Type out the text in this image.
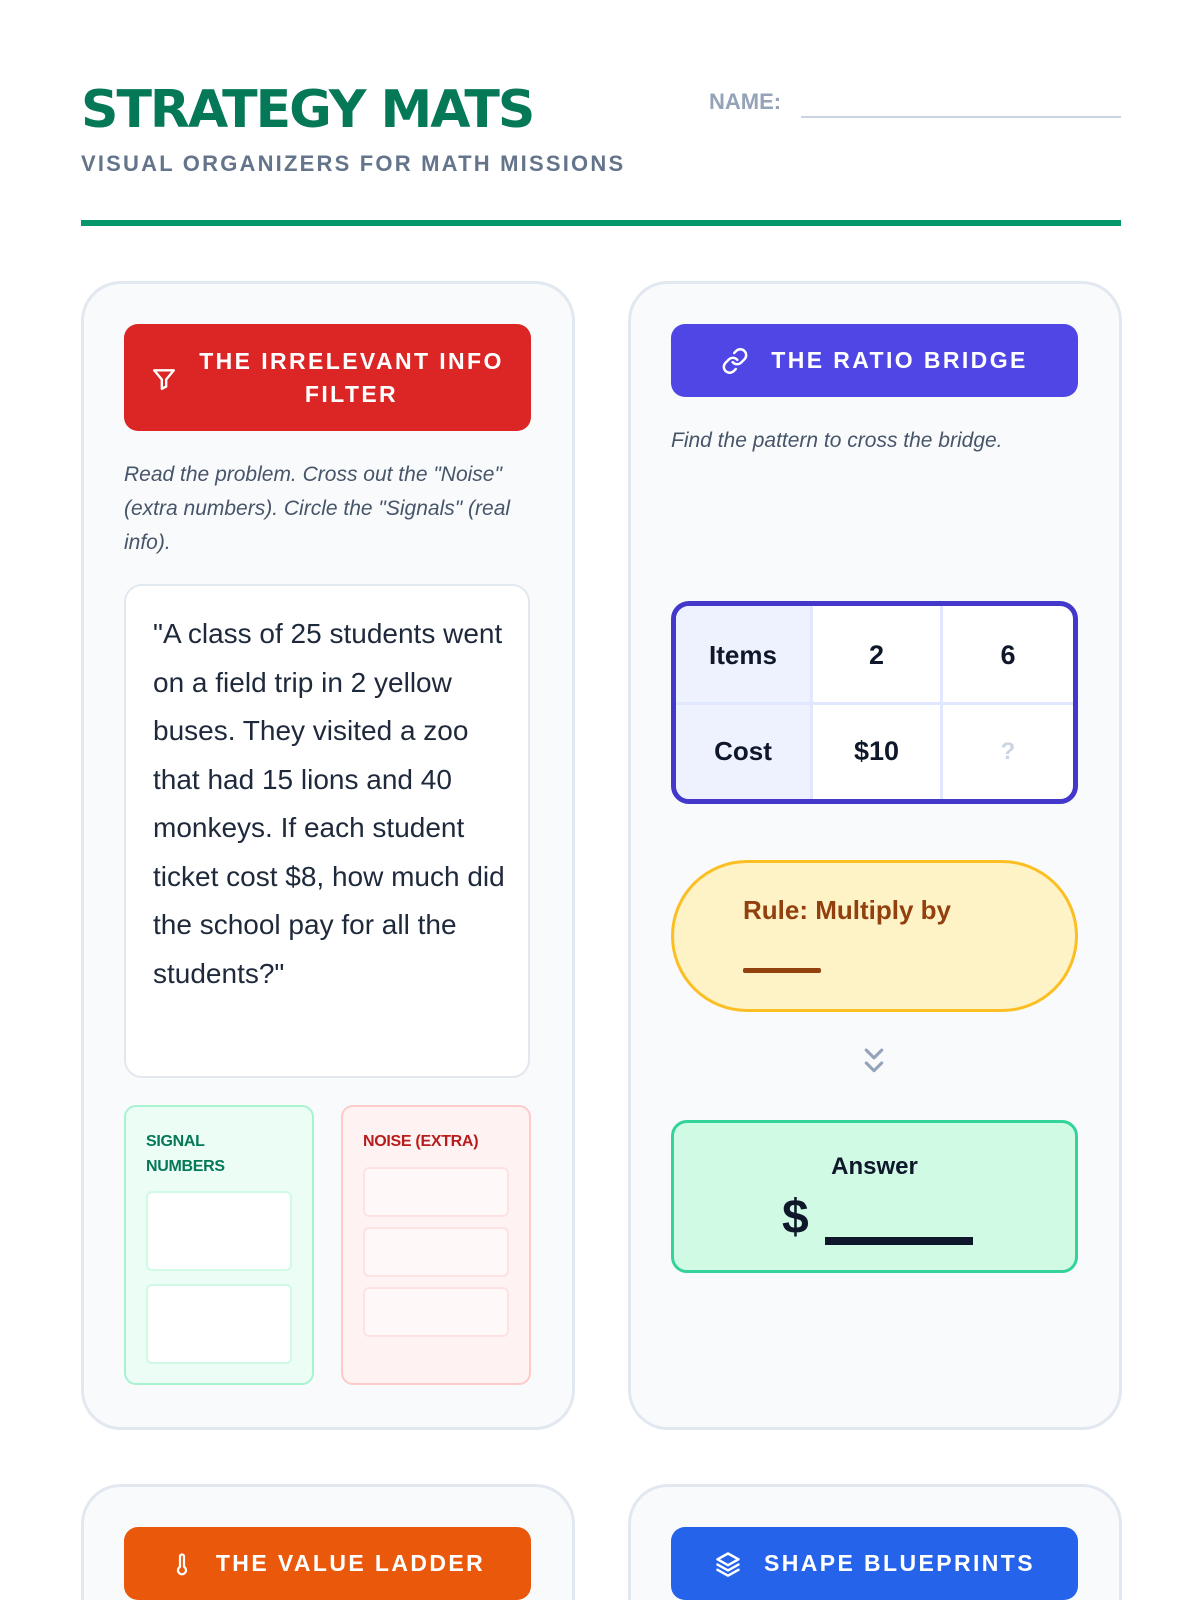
STRATEGY MATS
VISUAL ORGANIZERS FOR MATH MISSIONS
NAME:
THE IRRELEVANT INFO
FILTER
Read the problem. Cross out the "Noise" (extra numbers). Circle the "Signals" (real info).
"A class of 25 students went on a field trip in 2 yellow buses. They visited a zoo that had 15 lions and 40 monkeys. If each student ticket cost $8, how much did the school pay for all the students?"
SIGNAL
NUMBERS
NOISE (EXTRA)
THE RATIO BRIDGE
Find the pattern to cross the bridge.
Items	2	6
Cost	$10	?
Rule: Multiply by
Answer
$
THE VALUE LADDER	SHAPE BLUEPRINTS
